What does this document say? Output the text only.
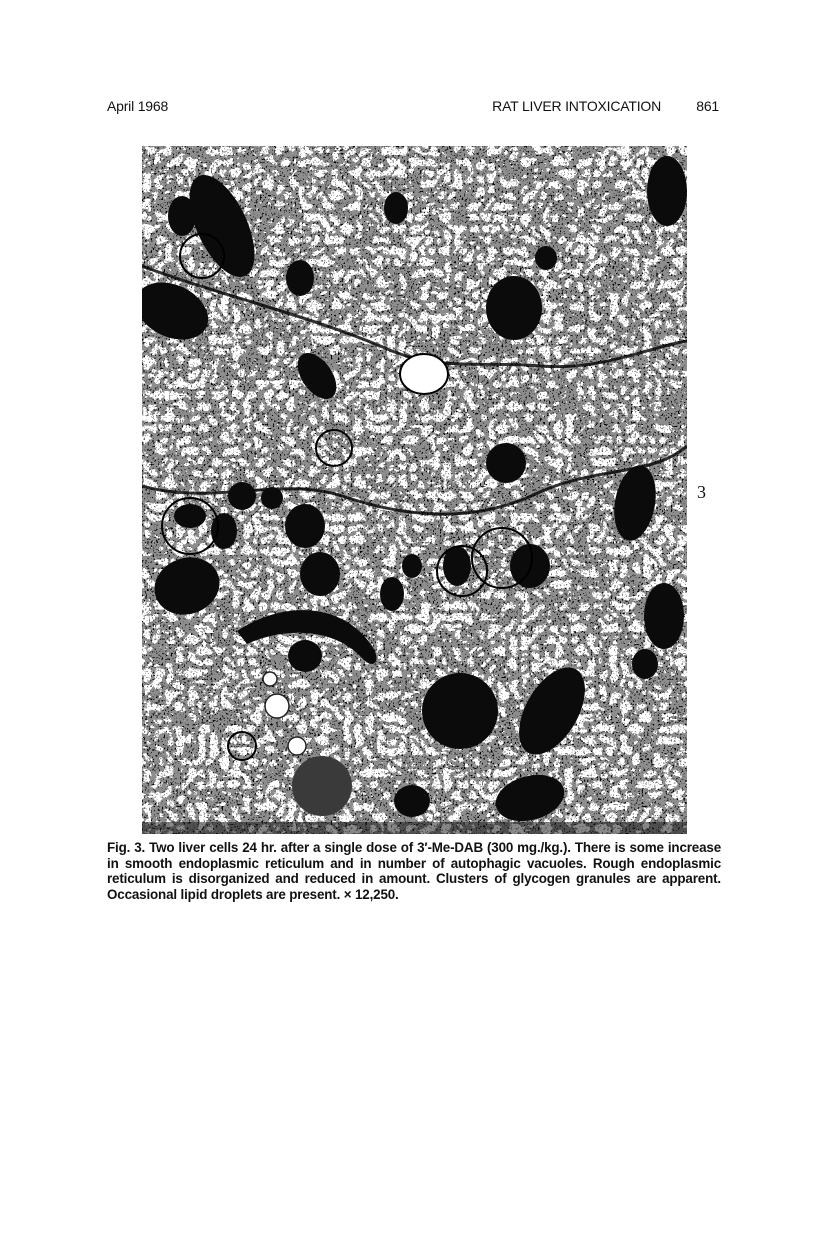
April 1968	RAT LIVER INTOXICATION	861
3
Fig. 3. Two liver cells 24 hr. after a single dose of 3′-Me-DAB (300 mg./kg.). There is some increase in smooth endoplasmic reticulum and in number of autophagic vacuoles. Rough endoplasmic reticulum is disorganized and reduced in amount. Clusters of glycogen granules are apparent. Occasional lipid droplets are present. × 12,250.
